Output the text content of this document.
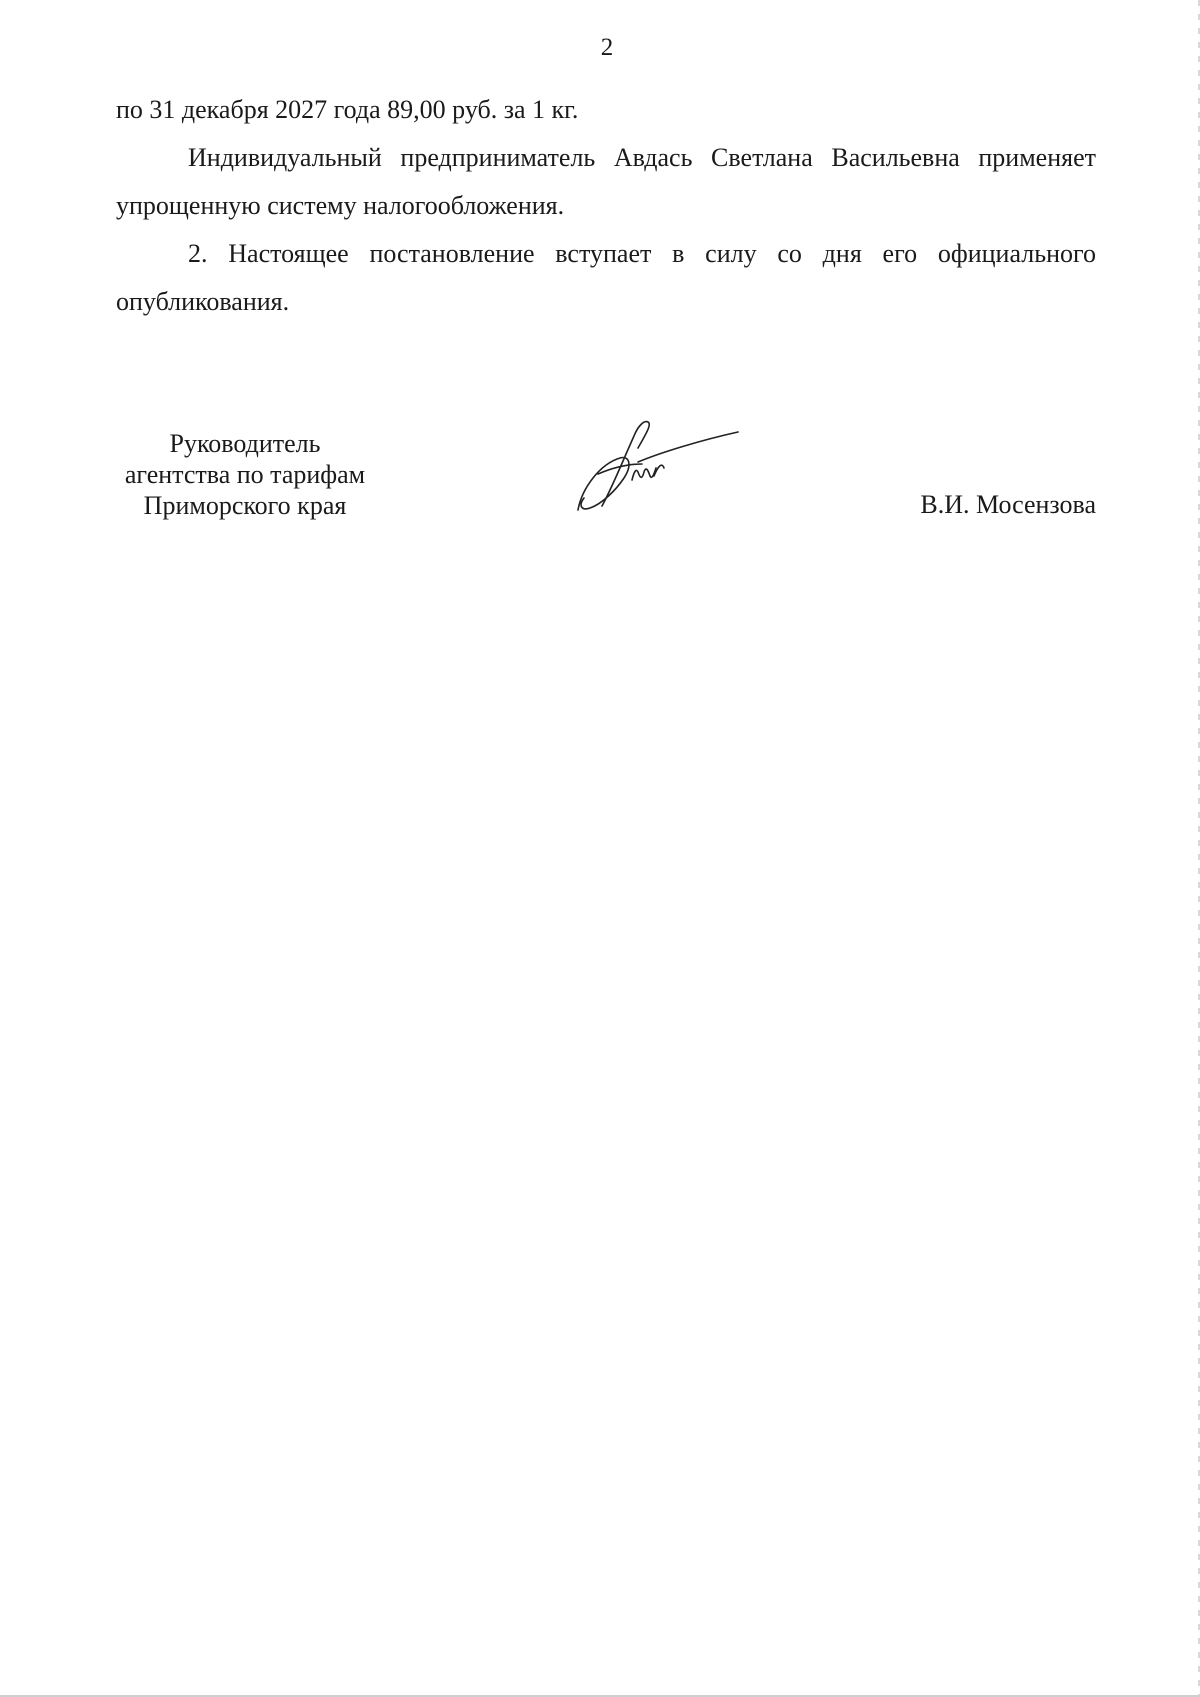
2

по 31 декабря 2027 года 89,00 руб. за 1 кг.

Индивидуальный предприниматель Авдась Светлана Васильевна применяет упрощенную систему налогообложения.

2. Настоящее постановление вступает в силу со дня его официального опубликования.

Руководитель
агентства по тарифам
Приморского края	В.И. Мосензова
